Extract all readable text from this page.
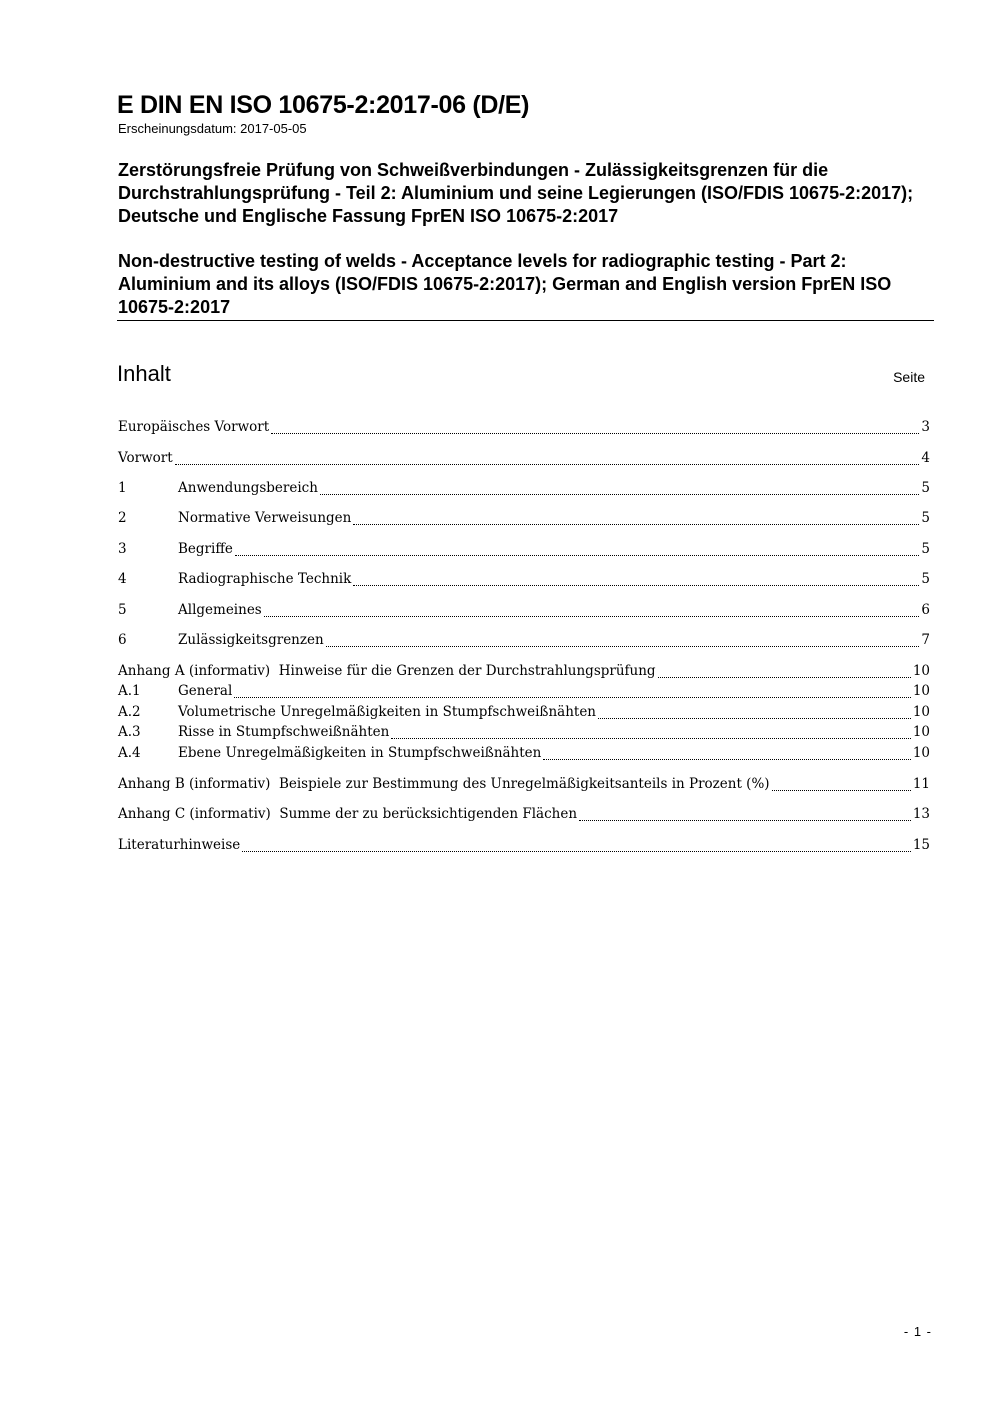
E DIN EN ISO 10675-2:2017-06 (D/E)
Erscheinungsdatum: 2017-05-05
Zerstörungsfreie Prüfung von Schweißverbindungen - Zulässigkeitsgrenzen für die Durchstrahlungsprüfung - Teil 2: Aluminium und seine Legierungen (ISO/FDIS 10675-2:2017); Deutsche und Englische Fassung FprEN ISO 10675-2:2017
Non-destructive testing of welds - Acceptance levels for radiographic testing - Part 2: Aluminium and its alloys (ISO/FDIS 10675-2:2017); German and English version FprEN ISO 10675-2:2017
Inhalt	Seite
Europäisches Vorwort	3
Vorwort	4
1	Anwendungsbereich	5
2	Normative Verweisungen	5
3	Begriffe	5
4	Radiographische Technik	5
5	Allgemeines	6
6	Zulässigkeitsgrenzen	7
Anhang A (informativ)  Hinweise für die Grenzen der Durchstrahlungsprüfung	10
A.1	General	10
A.2	Volumetrische Unregelmäßigkeiten in Stumpfschweißnähten	10
A.3	Risse in Stumpfschweißnähten	10
A.4	Ebene Unregelmäßigkeiten in Stumpfschweißnähten	10
Anhang B (informativ)  Beispiele zur Bestimmung des Unregelmäßigkeitsanteils in Prozent (%)	11
Anhang C (informativ)  Summe der zu berücksichtigenden Flächen	13
Literaturhinweise	15
- 1 -
